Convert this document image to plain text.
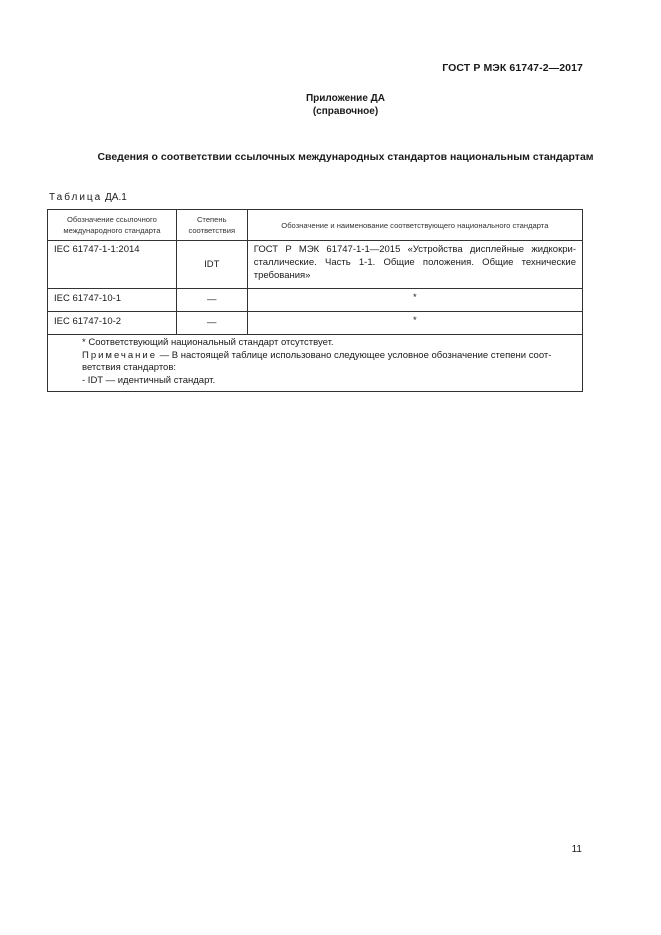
ГОСТ Р МЭК 61747-2—2017
Приложение ДА
(справочное)
Сведения о соответствии ссылочных международных стандартов национальным стандартам
Таблица ДА.1
Обозначение ссылочного международного стандарта	Степень соответствия	Обозначение и наименование соответствующего национального стандарта
IEC 61747-1-1:2014	IDT	ГОСТ Р МЭК 61747-1-1—2015 «Устройства дисплейные жидкокри-сталлические. Часть 1-1. Общие положения. Общие технические требования»
IEC 61747-10-1	—	*
IEC 61747-10-2	—	*

* Соответствующий национальный стандарт отсутствует.
Примечание — В настоящей таблице использовано следующее условное обозначение степени соот-ветствия стандартов:
- IDT — идентичный стандарт.		
11
